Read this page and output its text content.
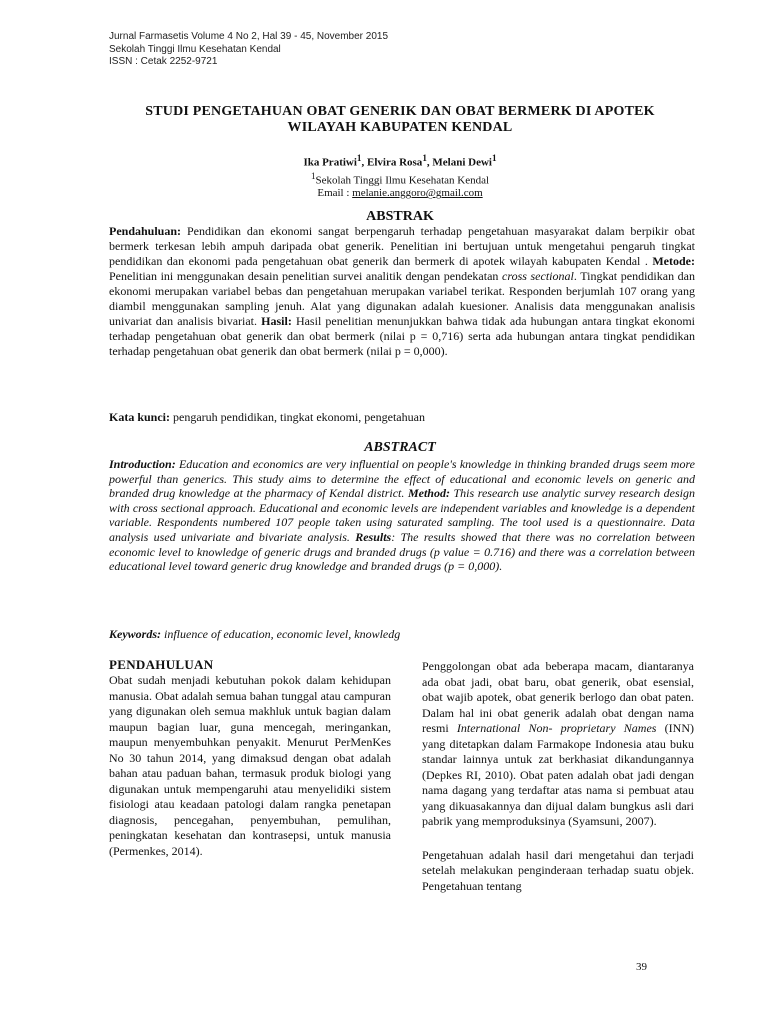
Jurnal Farmasetis Volume 4 No 2, Hal 39 - 45, November 2015
Sekolah Tinggi Ilmu Kesehatan Kendal
ISSN : Cetak 2252-9721
STUDI PENGETAHUAN OBAT GENERIK DAN OBAT BERMERK DI APOTEK
WILAYAH KABUPATEN KENDAL
Ika Pratiwi$^1$, Elvira Rosa$^1$, Melani Dewi$^1$
$^1$Sekolah Tinggi Ilmu Kesehatan Kendal
Email : melanie.anggoro@gmail.com
ABSTRAK
Pendahuluan: Pendidikan dan ekonomi sangat berpengaruh terhadap pengetahuan masyarakat dalam berpikir obat bermerk terkesan lebih ampuh daripada obat generik. Penelitian ini bertujuan untuk mengetahui pengaruh tingkat pendidikan dan ekonomi pada pengetahuan obat generik dan bermerk di apotek wilayah kabupaten Kendal . Metode: Penelitian ini menggunakan desain penelitian survei analitik dengan pendekatan cross sectional. Tingkat pendidikan dan ekonomi merupakan variabel bebas dan pengetahuan merupakan variabel terikat. Responden berjumlah 107 orang yang diambil menggunakan sampling jenuh. Alat yang digunakan adalah kuesioner. Analisis data menggunakan analisis univariat dan analisis bivariat. Hasil: Hasil penelitian menunjukkan bahwa tidak ada hubungan antara tingkat ekonomi terhadap pengetahuan obat generik dan obat bermerk (nilai p = 0,716) serta ada hubungan antara tingkat pendidikan terhadap pengetahuan obat generik dan obat bermerk (nilai p = 0,000).
Kata kunci: pengaruh pendidikan, tingkat ekonomi, pengetahuan
ABSTRACT
Introduction: Education and economics are very influential on people's knowledge in thinking branded drugs seem more powerful than generics. This study aims to determine the effect of educational and economic levels on generic and branded drug knowledge at the pharmacy of Kendal district. Method: This research use analytic survey research design with cross sectional approach. Educational and economic levels are independent variables and knowledge is a dependent variable. Respondents numbered 107 people taken using saturated sampling. The tool used is a questionnaire. Data analysis used univariate and bivariate analysis. Results: The results showed that there was no correlation between economic level to knowledge of generic drugs and branded drugs (p value = 0.716) and there was a correlation between educational level toward generic drug knowledge and branded drugs (p = 0,000).
Keywords: influence of education, economic level, knowledg
PENDAHULUAN

Obat sudah menjadi kebutuhan pokok dalam kehidupan manusia. Obat adalah semua bahan tunggal atau campuran yang digunakan oleh semua makhluk untuk bagian dalam maupun bagian luar, guna mencegah, meringankan, maupun menyembuhkan penyakit. Menurut PerMenKes No 30 tahun 2014, yang dimaksud dengan obat adalah bahan atau paduan bahan, termasuk produk biologi yang digunakan untuk mempengaruhi atau menyelidiki sistem fisiologi atau keadaan patologi dalam rangka penetapan diagnosis, pencegahan, penyembuhan, pemulihan, peningkatan kesehatan dan kontrasepsi, untuk manusia (Permenkes, 2014).

Penggolongan obat ada beberapa macam, diantaranya ada obat jadi, obat baru, obat generik, obat esensial, obat wajib apotek, obat generik berlogo dan obat paten. Dalam hal ini obat generik adalah obat dengan nama resmi International Non- proprietary Names (INN) yang ditetapkan dalam Farmakope Indonesia atau buku standar lainnya untuk zat berkhasiat dikandungannya (Depkes RI, 2010). Obat paten adalah obat jadi dengan nama dagang yang terdaftar atas nama si pembuat atau yang dikuasakannya dan dijual dalam bungkus asli dari pabrik yang memproduksinya (Syamsuni, 2007).

Pengetahuan adalah hasil dari mengetahui dan terjadi setelah melakukan penginderaan terhadap suatu objek. Pengetahuan tentang

39
